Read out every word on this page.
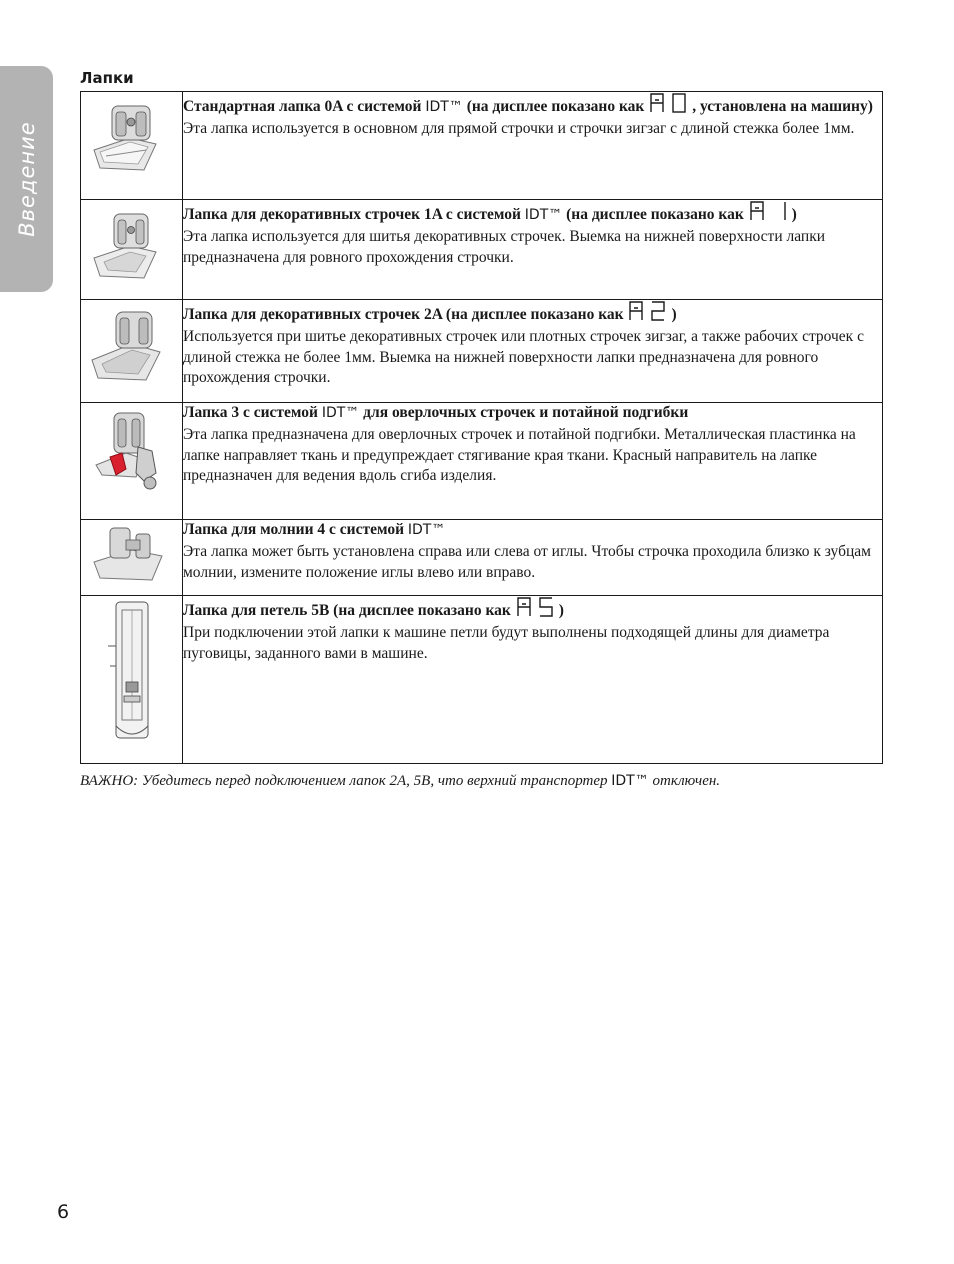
Введение
Лапки

Стандартная лапка 0A с системой IDT™ (на дисплее показано как , установлена на машину)
Эта лапка используется в основном для прямой строчки и строчки зигзаг с длиной стежка более 1мм.

Лапка для декоративных строчек 1A с системой IDT™ (на дисплее показано как )
Эта лапка используется для шитья декоративных строчек. Выемка на нижней поверхности лапки предназначена для ровного прохождения строчки.

Лапка для декоративных строчек 2A (на дисплее показано как )
Используется при шитье декоративных строчек или плотных строчек зигзаг, а также рабочих строчек с длиной стежка не более 1мм. Выемка на нижней поверхности лапки предназначена для ровного прохождения строчки.

Лапка 3 с системой IDT™ для оверлочных строчек и потайной подгибки
Эта лапка предназначена для оверлочных строчек и потайной подгибки. Металлическая пластинка на лапке направляет ткань и предупреждает стягивание края ткани. Красный направитель на лапке предназначен для ведения вдоль сгиба изделия.

Лапка для молнии 4 с системой IDT™
Эта лапка может быть установлена справа или слева от иглы. Чтобы строчка проходила близко к зубцам молнии, измените положение иглы влево или вправо.

Лапка для петель 5B (на дисплее показано как )
При подключении этой лапки к машине петли будут выполнены подходящей длины для диаметра пуговицы, заданного вами в машине.
ВАЖНО: Убедитесь перед подключением лапок 2A, 5B, что верхний транспортер IDT™ отключен.
6
